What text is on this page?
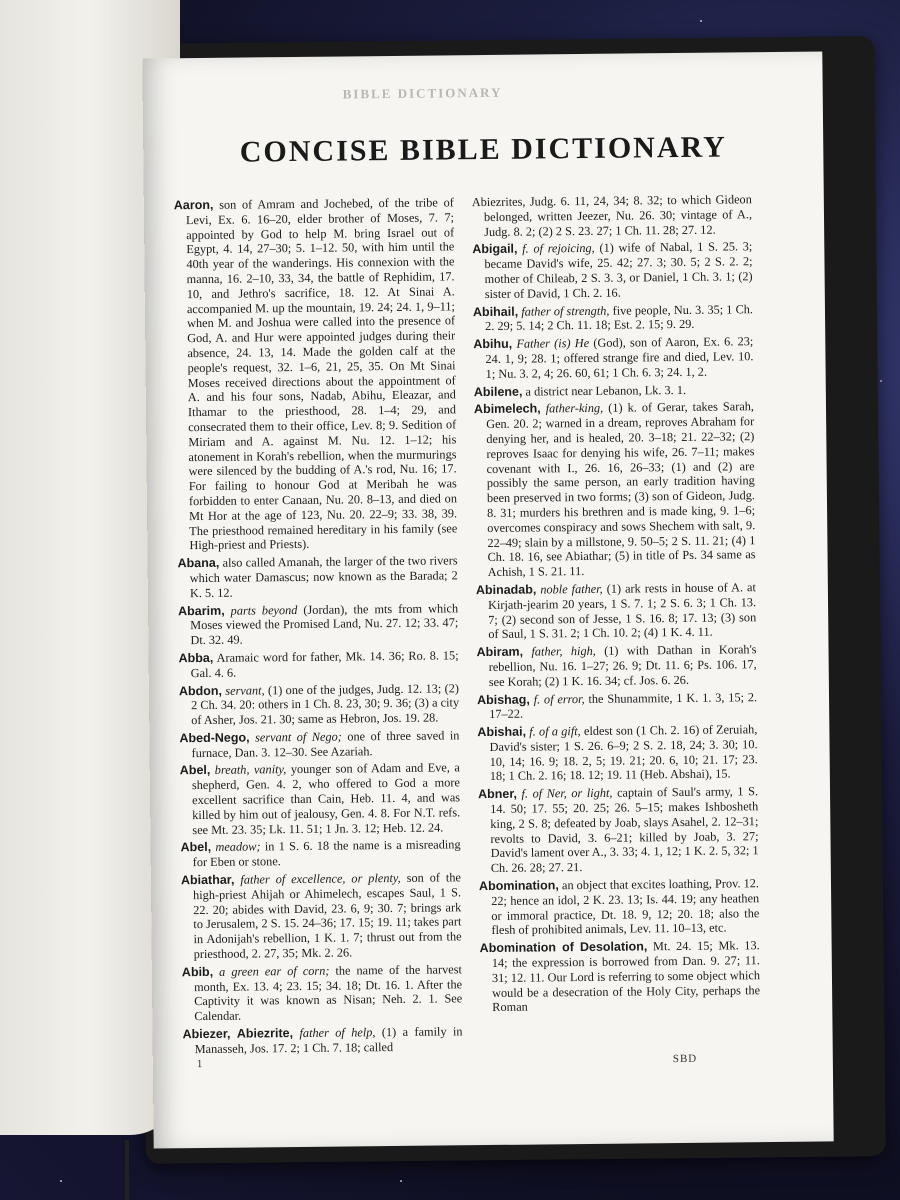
BIBLE DICTIONARY
CONCISE BIBLE DICTIONARY

Aaron, son of Amram and Jochebed, of the tribe of Levi, Ex. 6. 16–20, elder brother of Moses, 7. 7; appointed by God to help M. bring Israel out of Egypt, 4. 14, 27–30; 5. 1–12. 50, with him until the 40th year of the wanderings. His connexion with the manna, 16. 2–10, 33, 34, the battle of Rephidim, 17. 10, and Jethro's sacrifice, 18. 12. At Sinai A. accompanied M. up the mountain, 19. 24; 24. 1, 9–11; when M. and Joshua were called into the presence of God, A. and Hur were appointed judges during their absence, 24. 13, 14. Made the golden calf at the people's request, 32. 1–6, 21, 25, 35. On Mt Sinai Moses received directions about the appointment of A. and his four sons, Nadab, Abihu, Eleazar, and Ithamar to the priesthood, 28. 1–4; 29, and consecrated them to their office, Lev. 8; 9. Sedition of Miriam and A. against M. Nu. 12. 1–12; his atonement in Korah's rebellion, when the murmurings were silenced by the budding of A.'s rod, Nu. 16; 17. For failing to honour God at Meribah he was forbidden to enter Canaan, Nu. 20. 8–13, and died on Mt Hor at the age of 123, Nu. 20. 22–9; 33. 38, 39. The priesthood remained hereditary in his family (see High-priest and Priests).

Abana, also called Amanah, the larger of the two rivers which water Damascus; now known as the Barada; 2 K. 5. 12.

Abarim, parts beyond (Jordan), the mts from which Moses viewed the Promised Land, Nu. 27. 12; 33. 47; Dt. 32. 49.

Abba, Aramaic word for father, Mk. 14. 36; Ro. 8. 15; Gal. 4. 6.

Abdon, servant, (1) one of the judges, Judg. 12. 13; (2) 2 Ch. 34. 20: others in 1 Ch. 8. 23, 30; 9. 36; (3) a city of Asher, Jos. 21. 30; same as Hebron, Jos. 19. 28.

Abed-Nego, servant of Nego; one of three saved in furnace, Dan. 3. 12–30. See Azariah.

Abel, breath, vanity, younger son of Adam and Eve, a shepherd, Gen. 4. 2, who offered to God a more excellent sacrifice than Cain, Heb. 11. 4, and was killed by him out of jealousy, Gen. 4. 8. For N.T. refs. see Mt. 23. 35; Lk. 11. 51; 1 Jn. 3. 12; Heb. 12. 24.

Abel, meadow; in 1 S. 6. 18 the name is a misreading for Eben or stone.

Abiathar, father of excellence, or plenty, son of the high-priest Ahijah or Ahimelech, escapes Saul, 1 S. 22. 20; abides with David, 23. 6, 9; 30. 7; brings ark to Jerusalem, 2 S. 15. 24–36; 17. 15; 19. 11; takes part in Adonijah's rebellion, 1 K. 1. 7; thrust out from the priesthood, 2. 27, 35; Mk. 2. 26.

Abib, a green ear of corn; the name of the harvest month, Ex. 13. 4; 23. 15; 34. 18; Dt. 16. 1. After the Captivity it was known as Nisan; Neh. 2. 1. See Calendar.

Abiezer, Abiezrite, father of help, (1) a family in Manasseh, Jos. 17. 2; 1 Ch. 7. 18; called

Abiezrites, Judg. 6. 11, 24, 34; 8. 32; to which Gideon belonged, written Jeezer, Nu. 26. 30; vintage of A., Judg. 8. 2; (2) 2 S. 23. 27; 1 Ch. 11. 28; 27. 12.

Abigail, f. of rejoicing, (1) wife of Nabal, 1 S. 25. 3; became David's wife, 25. 42; 27. 3; 30. 5; 2 S. 2. 2; mother of Chileab, 2 S. 3. 3, or Daniel, 1 Ch. 3. 1; (2) sister of David, 1 Ch. 2. 16.

Abihail, father of strength, five people, Nu. 3. 35; 1 Ch. 2. 29; 5. 14; 2 Ch. 11. 18; Est. 2. 15; 9. 29.

Abihu, Father (is) He (God), son of Aaron, Ex. 6. 23; 24. 1, 9; 28. 1; offered strange fire and died, Lev. 10. 1; Nu. 3. 2, 4; 26. 60, 61; 1 Ch. 6. 3; 24. 1, 2.

Abilene, a district near Lebanon, Lk. 3. 1.

Abimelech, father-king, (1) k. of Gerar, takes Sarah, Gen. 20. 2; warned in a dream, reproves Abraham for denying her, and is healed, 20. 3–18; 21. 22–32; (2) reproves Isaac for denying his wife, 26. 7–11; makes covenant with I., 26. 16, 26–33; (1) and (2) are possibly the same person, an early tradition having been preserved in two forms; (3) son of Gideon, Judg. 8. 31; murders his brethren and is made king, 9. 1–6; overcomes conspiracy and sows Shechem with salt, 9. 22–49; slain by a millstone, 9. 50–5; 2 S. 11. 21; (4) 1 Ch. 18. 16, see Abiathar; (5) in title of Ps. 34 same as Achish, 1 S. 21. 11.

Abinadab, noble father, (1) ark rests in house of A. at Kirjath-jearim 20 years, 1 S. 7. 1; 2 S. 6. 3; 1 Ch. 13. 7; (2) second son of Jesse, 1 S. 16. 8; 17. 13; (3) son of Saul, 1 S. 31. 2; 1 Ch. 10. 2; (4) 1 K. 4. 11.

Abiram, father, high, (1) with Dathan in Korah's rebellion, Nu. 16. 1–27; 26. 9; Dt. 11. 6; Ps. 106. 17, see Korah; (2) 1 K. 16. 34; cf. Jos. 6. 26.

Abishag, f. of error, the Shunammite, 1 K. 1. 3, 15; 2. 17–22.

Abishai, f. of a gift, eldest son (1 Ch. 2. 16) of Zeruiah, David's sister; 1 S. 26. 6–9; 2 S. 2. 18, 24; 3. 30; 10. 10, 14; 16. 9; 18. 2, 5; 19. 21; 20. 6, 10; 21. 17; 23. 18; 1 Ch. 2. 16; 18. 12; 19. 11 (Heb. Abshai), 15.

Abner, f. of Ner, or light, captain of Saul's army, 1 S. 14. 50; 17. 55; 20. 25; 26. 5–15; makes Ishbosheth king, 2 S. 8; defeated by Joab, slays Asahel, 2. 12–31; revolts to David, 3. 6–21; killed by Joab, 3. 27; David's lament over A., 3. 33; 4. 1, 12; 1 K. 2. 5, 32; 1 Ch. 26. 28; 27. 21.

Abomination, an object that excites loathing, Prov. 12. 22; hence an idol, 2 K. 23. 13; Is. 44. 19; any heathen or immoral practice, Dt. 18. 9, 12; 20. 18; also the flesh of prohibited animals, Lev. 11. 10–13, etc.

Abomination of Desolation, Mt. 24. 15; Mk. 13. 14; the expression is borrowed from Dan. 9. 27; 11. 31; 12. 11. Our Lord is referring to some object which would be a desecration of the Holy City, perhaps the Roman

1	SBD
